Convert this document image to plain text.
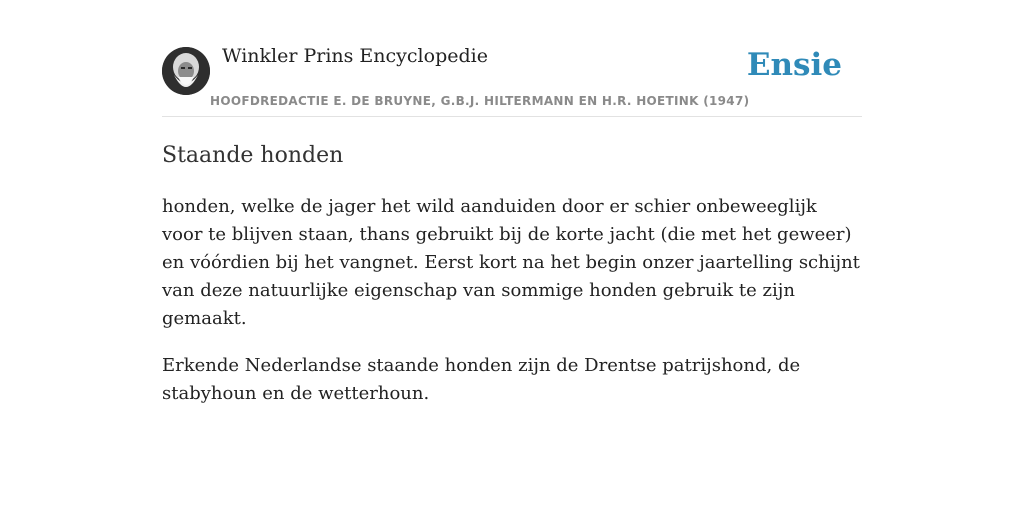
Winkler Prins Encyclopedie
HOOFDREDACTIE E. DE BRUYNE, G.B.J. HILTERMANN EN H.R. HOETINK (1947)
Ensie
Staande honden

honden, welke de jager het wild aanduiden door er schier onbeweeglijk voor te blijven staan, thans gebruikt bij de korte jacht (die met het geweer) en vóórdien bij het vangnet. Eerst kort na het begin onzer jaartelling schijnt van deze natuurlijke eigenschap van sommige honden gebruik te zijn gemaakt.

Erkende Nederlandse staande honden zijn de Drentse patrijshond, de stabyhoun en de wetterhoun.
